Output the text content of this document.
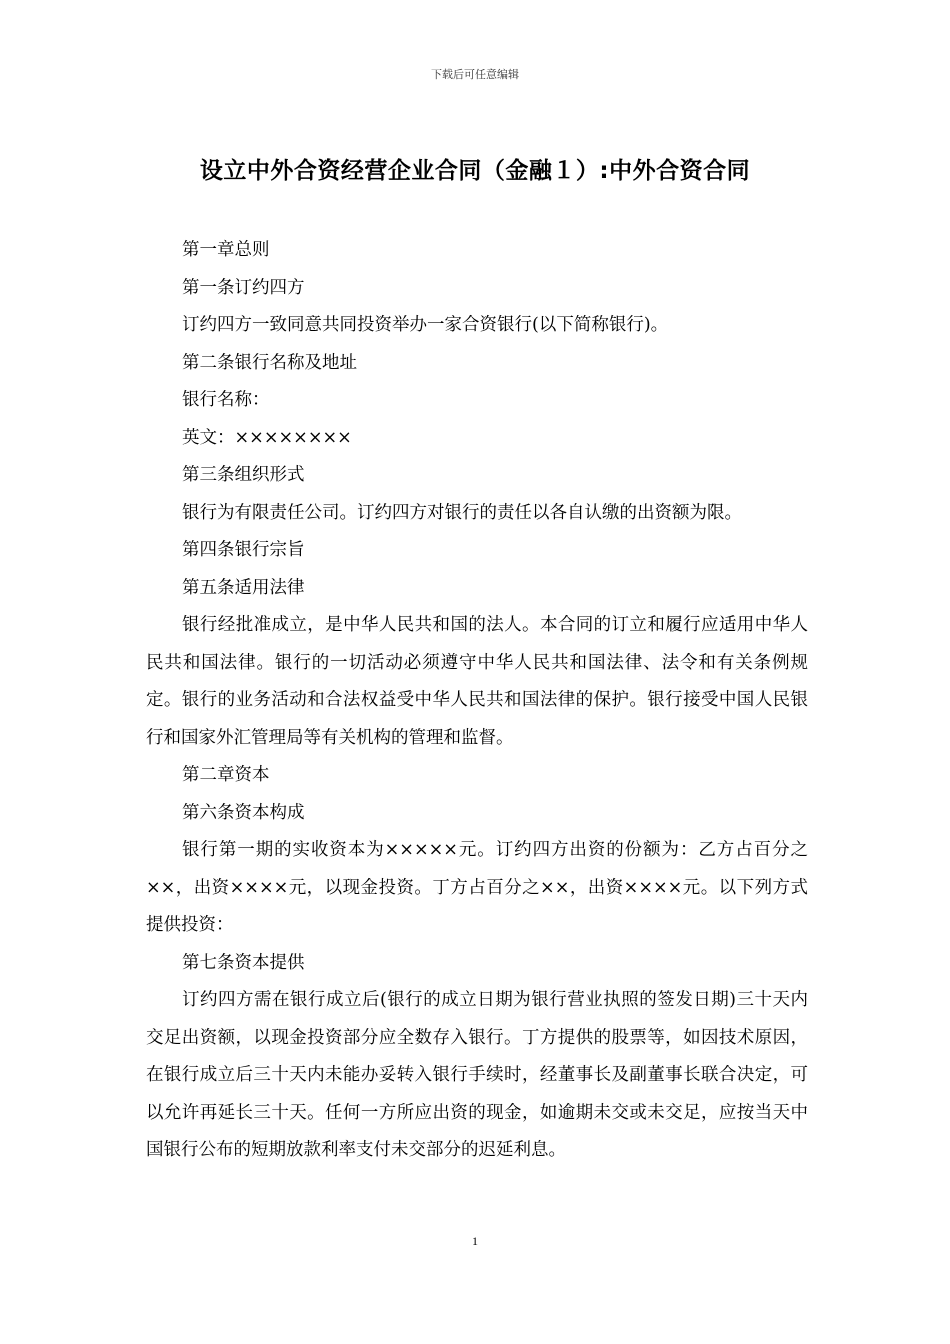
下载后可任意编辑
设立中外合资经营企业合同（金融１）:中外合资合同

第一章总则

第一条订约四方

订约四方一致同意共同投资举办一家合资银行(以下简称银行)。

第二条银行名称及地址

银行名称：

英文：××××××××

第三条组织形式

银行为有限责任公司。订约四方对银行的责任以各自认缴的出资额为限。

第四条银行宗旨

第五条适用法律

银行经批准成立，是中华人民共和国的法人。本合同的订立和履行应适用中华人民共和国法律。银行的一切活动必须遵守中华人民共和国法律、法令和有关条例规定。银行的业务活动和合法权益受中华人民共和国法律的保护。银行接受中国人民银行和国家外汇管理局等有关机构的管理和监督。

第二章资本

第六条资本构成

银行第一期的实收资本为×××××元。订约四方出资的份额为：乙方占百分之××，出资××××元，以现金投资。丁方占百分之××，出资××××元。以下列方式提供投资：

第七条资本提供

订约四方需在银行成立后(银行的成立日期为银行营业执照的签发日期)三十天内交足出资额，以现金投资部分应全数存入银行。丁方提供的股票等，如因技术原因，在银行成立后三十天内未能办妥转入银行手续时，经董事长及副董事长联合决定，可以允许再延长三十天。任何一方所应出资的现金，如逾期未交或未交足，应按当天中国银行公布的短期放款利率支付未交部分的迟延利息。

1
